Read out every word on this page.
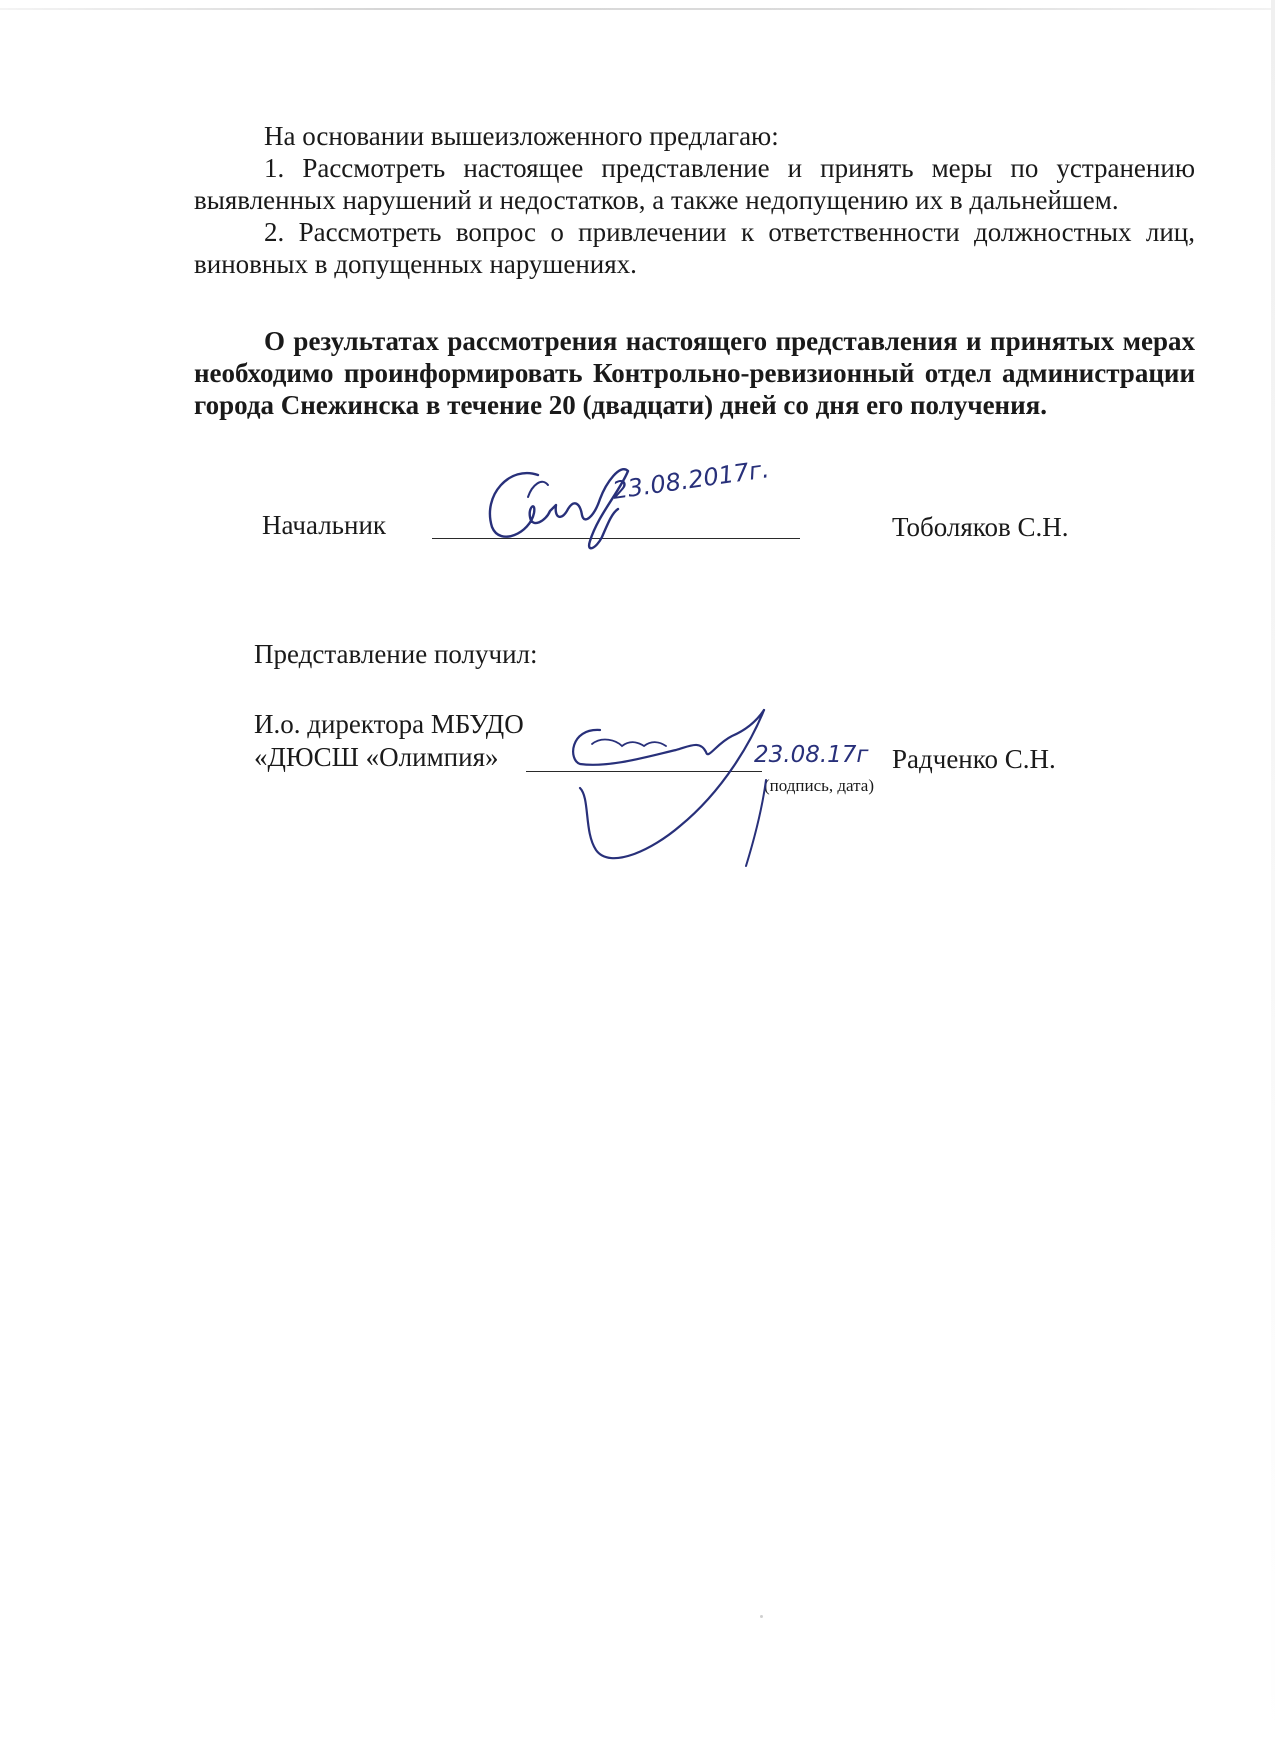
На основании вышеизложенного предлагаю:

1. Рассмотреть настоящее представление и принять меры по устранению выявленных нарушений и недостатков, а также недопущению их в дальнейшем.

2. Рассмотреть вопрос о привлечении к ответственности должностных лиц, виновных в допущенных нарушениях.

О результатах рассмотрения настоящего представления и принятых мерах необходимо проинформировать Контрольно-ревизионный отдел администрации города Снежинска в течение 20 (двадцати) дней со дня его получения.

Начальник	Тоболяков С.Н.
23.08.2017г.
Представление получил:
И.о. директора МБУДО
«ДЮСШ «Олимпия»	Радченко С.Н.
(подпись, дата)
23.08.17г
